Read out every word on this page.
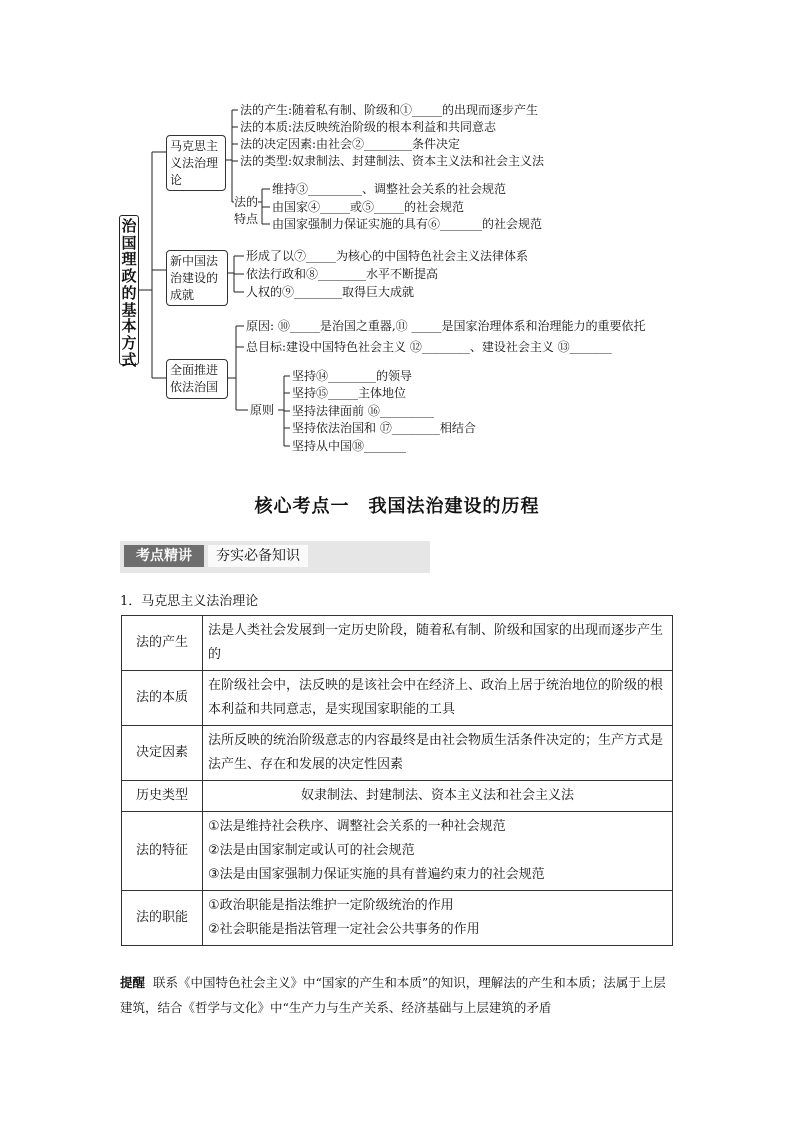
治国理政的基本方式
马克思主义法治理论
法的产生:随着私有制、阶级和①_____的出现而逐步产生
法的本质:法反映统治阶级的根本利益和共同意志
法的决定因素:由社会②________条件决定
法的类型:奴隶制法、封建制法、资本主义法和社会主义法
法的特点
维持③_________、调整社会关系的社会规范
由国家④_____或⑤_____的社会规范
由国家强制力保证实施的具有⑥_______的社会规范
新中国法治建设的成就
形成了以⑦_____为核心的中国特色社会主义法律体系
依法行政和⑧________水平不断提高
人权的⑨________取得巨大成就
全面推进依法治国
原因: ⑩_____是治国之重器,⑪ _____是国家治理体系和治理能力的重要依托
总目标:建设中国特色社会主义 ⑫________、建设社会主义 ⑬_______
原则
坚持⑭________的领导
坚持⑮_____主体地位
坚持法律面前 ⑯_________
坚持依法治国和 ⑰________相结合
坚持从中国⑱_______
核心考点一　我国法治建设的历程
考点精讲	夯实必备知识
1．马克思主义法治理论
法的产生	法是人类社会发展到一定历史阶段，随着私有制、阶级和国家的出现而逐步产生的

法的本质	在阶级社会中，法反映的是该社会中在经济上、政治上居于统治地位的阶级的根本利益和共同意志，是实现国家职能的工具

决定因素	法所反映的统治阶级意志的内容最终是由社会物质生活条件决定的；生产方式是法产生、存在和发展的决定性因素

历史类型	奴隶制法、封建制法、资本主义法和社会主义法

法的特征	①法是维持社会秩序、调整社会关系的一种社会规范
②法是由国家制定或认可的社会规范
③法是由国家强制力保证实施的具有普遍约束力的社会规范

法的职能	①政治职能是指法维护一定阶级统治的作用
②社会职能是指法管理一定社会公共事务的作用
提醒 联系《中国特色社会主义》中“国家的产生和本质”的知识，理解法的产生和本质；法属于上层建筑，结合《哲学与文化》中“生产力与生产关系、经济基础与上层建筑的矛盾
